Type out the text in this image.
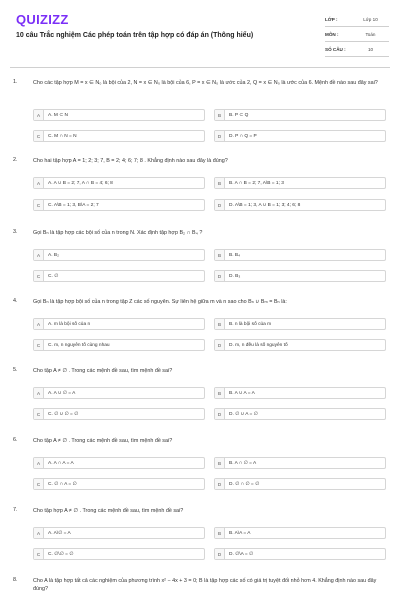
QUIZIZZ
10 câu Trắc nghiệm Các phép toán trên tập hợp có đáp án (Thông hiểu)
LỚP :	Lớp 10
MÔN :	Toán
SỐ CÂU :	10
1.	Cho các tập hợp M = x ∈ N₀ là bội của 2, N = x ∈ N₀ là bội của 6, P = x ∈ N₀ là ước của 2, Q = x ∈ N₀ là ước của 6. Mệnh đề nào sau đây sai?
A	A. M ⊂ N	B	B. P ⊂ Q
C	C. M ∩ N = N	D	D. P ∩ Q = P
2.	Cho hai tập hợp A = 1; 2; 3; 7, B = 2; 4; 6; 7; 8 . Khẳng định nào sau đây là đúng?
A	A. A ∪ B = 2; 7, A ∩ B = 4; 6; 8	B	B. A ∩ B = 2; 7, A\B = 1; 3
C	C. A\B = 1; 3, B\A = 2; 7	D	D. A\B = 1; 3, A ∪ B = 1; 3; 4; 6; 8
3.	Gọi Bₙ là tập hợp các bội số của n trong N. Xác định tập hợp B₂ ∩ B₄ ?
A	A. B₂	B	B. B₄
C	C. ∅	D	D. B₃
4.	Gọi Bₙ là tập hợp bội số của n trong tập Z các số nguyên. Sự liên hệ giữa m và n sao cho Bₙ ∪ Bₘ = Bₙ là:
A	A. m là bội số của n	B	B. n là bội số của m
C	C. m, n nguyên tố cùng nhau	D	D. m, n đều là số nguyên tố
5.	Cho tập A ≠ ∅ . Trong các mệnh đề sau, tìm mệnh đề sai?
A	A. A ∪ ∅ = A	B	B. A ∪ A = A
C	C. ∅ ∪ ∅ = ∅	D	D. ∅ ∪ A = ∅
6.	Cho tập A ≠ ∅ . Trong các mệnh đề sau, tìm mệnh đề sai?
A	A. A ∩ A = A	B	B. A ∩ ∅ = A
C	C. ∅ ∩ A = ∅	D	D. ∅ ∩ ∅ = ∅
7.	Cho tập hợp A ≠ ∅ . Trong các mệnh đề sau, tìm mệnh đề sai?
A	A. A\∅ = A	B	B. A\A = A
C	C. ∅\∅ = ∅	D	D. ∅\A = ∅
8.	Cho A là tập hợp tất cả các nghiệm của phương trình x² − 4x + 3 = 0; B là tập hợp các số có giá trị tuyệt đối nhỏ hơn 4. Khẳng định nào sau đây đúng?
